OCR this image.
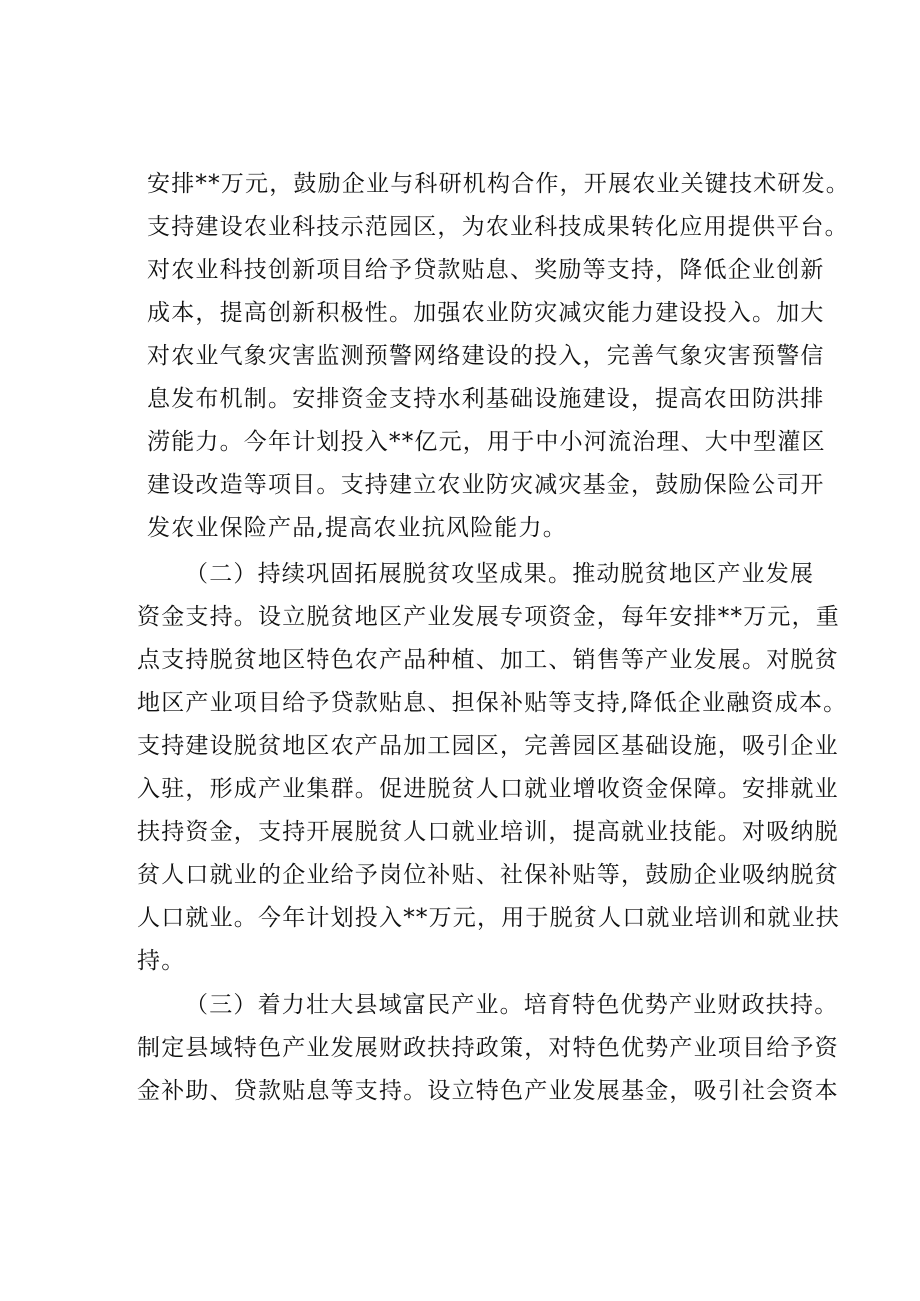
安排**万元，鼓励企业与科研机构合作，开展农业关键技术研发。
支持建设农业科技示范园区，为农业科技成果转化应用提供平台。
对农业科技创新项目给予贷款贴息、奖励等支持，降低企业创新
成本，提高创新积极性。加强农业防灾减灾能力建设投入。加大
对农业气象灾害监测预警网络建设的投入，完善气象灾害预警信
息发布机制。安排资金支持水利基础设施建设，提高农田防洪排
涝能力。今年计划投入**亿元，用于中小河流治理、大中型灌区
建设改造等项目。支持建立农业防灾减灾基金，鼓励保险公司开
发农业保险产品,提高农业抗风险能力。
（二）持续巩固拓展脱贫攻坚成果。推动脱贫地区产业发展
资金支持。设立脱贫地区产业发展专项资金，每年安排**万元，重
点支持脱贫地区特色农产品种植、加工、销售等产业发展。对脱贫
地区产业项目给予贷款贴息、担保补贴等支持,降低企业融资成本。
支持建设脱贫地区农产品加工园区，完善园区基础设施，吸引企业
入驻，形成产业集群。促进脱贫人口就业增收资金保障。安排就业
扶持资金，支持开展脱贫人口就业培训，提高就业技能。对吸纳脱
贫人口就业的企业给予岗位补贴、社保补贴等，鼓励企业吸纳脱贫
人口就业。今年计划投入**万元，用于脱贫人口就业培训和就业扶
持。
（三）着力壮大县域富民产业。培育特色优势产业财政扶持。
制定县域特色产业发展财政扶持政策，对特色优势产业项目给予资
金补助、贷款贴息等支持。设立特色产业发展基金，吸引社会资本
